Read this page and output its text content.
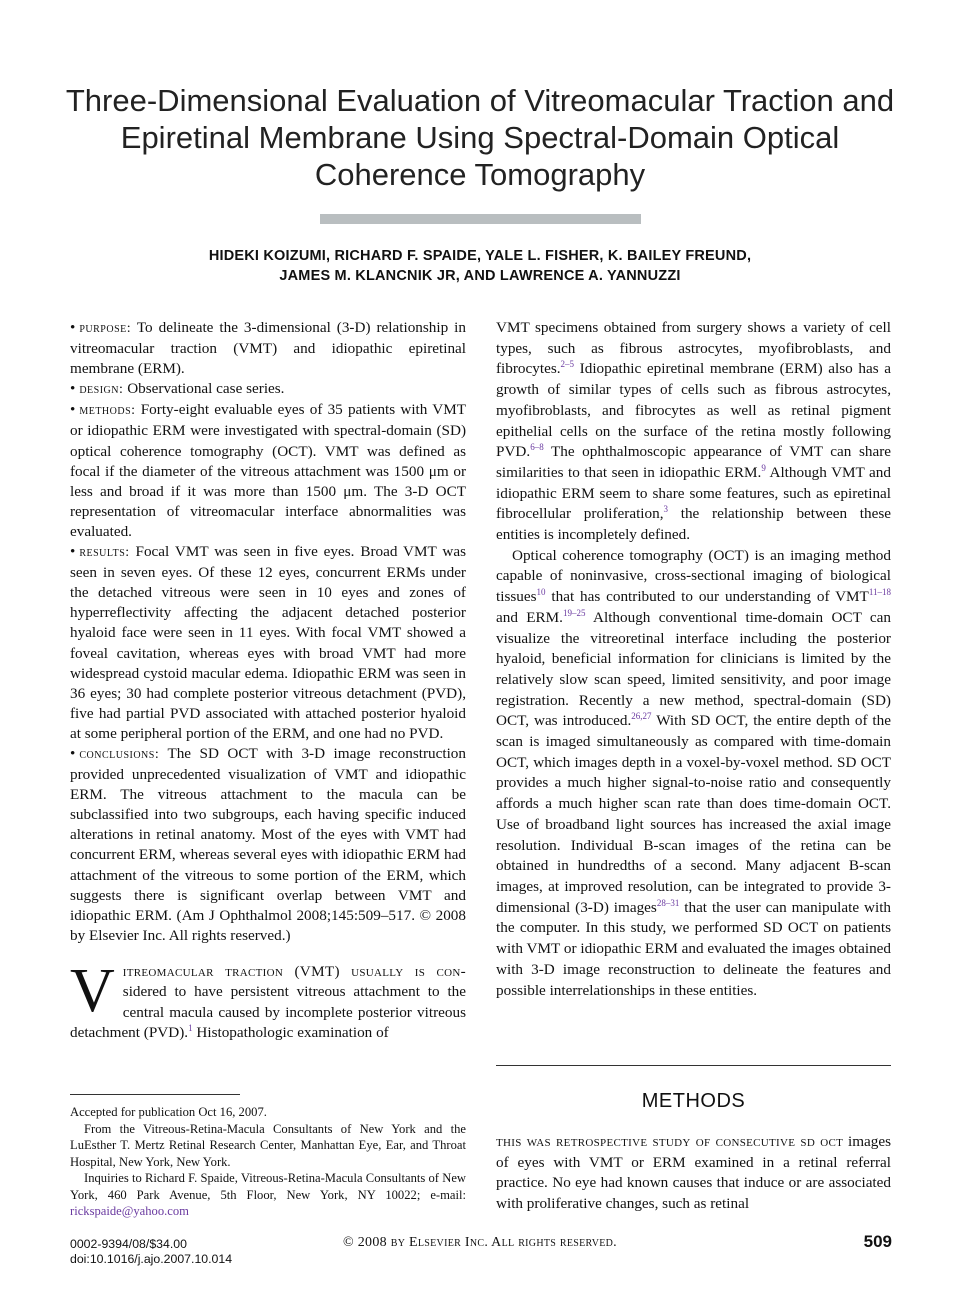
Three-Dimensional Evaluation of Vitreomacular Traction and Epiretinal Membrane Using Spectral-Domain Optical Coherence Tomography
HIDEKI KOIZUMI, RICHARD F. SPAIDE, YALE L. FISHER, K. BAILEY FREUND,
JAMES M. KLANCNIK JR, AND LAWRENCE A. YANNUZZI

• purpose: To delineate the 3-dimensional (3-D) relationship in vitreomacular traction (VMT) and idiopathic epiretinal membrane (ERM).

• design: Observational case series.

• methods: Forty-eight evaluable eyes of 35 patients with VMT or idiopathic ERM were investigated with spectral-domain (SD) optical coherence tomography (OCT). VMT was defined as focal if the diameter of the vitreous attachment was 1500 μm or less and broad if it was more than 1500 μm. The 3-D OCT representation of vitreomacular interface abnormalities was evaluated.

• results: Focal VMT was seen in five eyes. Broad VMT was seen in seven eyes. Of these 12 eyes, concurrent ERMs under the detached vitreous were seen in 10 eyes and zones of hyperreflectivity affecting the adjacent detached posterior hyaloid face were seen in 11 eyes. With focal VMT showed a foveal cavitation, whereas eyes with broad VMT had more widespread cystoid macular edema. Idiopathic ERM was seen in 36 eyes; 30 had complete posterior vitreous detachment (PVD), five had partial PVD associated with attached posterior hyaloid at some peripheral portion of the ERM, and one had no PVD.

• conclusions: The SD OCT with 3-D image reconstruction provided unprecedented visualization of VMT and idiopathic ERM. The vitreous attachment to the macula can be subclassified into two subgroups, each having specific induced alterations in retinal anatomy. Most of the eyes with VMT had concurrent ERM, whereas several eyes with idiopathic ERM had attachment of the vitreous to some portion of the ERM, which suggests there is significant overlap between VMT and idiopathic ERM. (Am J Ophthalmol 2008;145:509–517. © 2008 by Elsevier Inc. All rights reserved.)

Vitreomacular traction (VMT) usually is con- sidered to have persistent vitreous attachment to the central macula caused by incomplete posterior vitreous detachment (PVD).$^1$ Histopathologic examination of

VMT specimens obtained from surgery shows a variety of cell types, such as fibrous astrocytes, myofibroblasts, and fibrocytes.$^{2-5}$ Idiopathic epiretinal membrane (ERM) also has a growth of similar types of cells such as fibrous astrocytes, myofibroblasts, and fibrocytes as well as retinal pigment epithelial cells on the surface of the retina mostly following PVD.$^{6-8}$ The ophthalmoscopic appearance of VMT can share similarities to that seen in idiopathic ERM.$^9$ Although VMT and idiopathic ERM seem to share some features, such as epiretinal fibrocellular proliferation,$^3$ the relationship between these entities is incompletely defined.

Optical coherence tomography (OCT) is an imaging method capable of noninvasive, cross-sectional imaging of biological tissues$^{10}$ that has contributed to our understanding of VMT$^{11-18}$ and ERM.$^{19-25}$ Although conventional time-domain OCT can visualize the vitreoretinal interface including the posterior hyaloid, beneficial information for clinicians is limited by the relatively slow scan speed, limited sensitivity, and poor image registration. Recently a new method, spectral-domain (SD) OCT, was introduced.$^{26,27}$ With SD OCT, the entire depth of the scan is imaged simultaneously as compared with time-domain OCT, which images depth in a voxel-by-voxel method. SD OCT provides a much higher signal-to-noise ratio and consequently affords a much higher scan rate than does time-domain OCT. Use of broadband light sources has increased the axial image resolution. Individual B-scan images of the retina can be obtained in hundredths of a second. Many adjacent B-scan images, at improved resolution, can be integrated to provide 3-dimensional (3-D) images$^{28-31}$ that the user can manipulate with the computer. In this study, we performed SD OCT on patients with VMT or idiopathic ERM and evaluated the images obtained with 3-D image reconstruction to delineate the features and possible interrelationships in these entities.

METHODS
this was retrospective study of consecutive sd oct images of eyes with VMT or ERM examined in a retinal referral practice. No eye had known causes that induce or are associated with proliferative changes, such as retinal

Accepted for publication Oct 16, 2007.

From the Vitreous-Retina-Macula Consultants of New York and the LuEsther T. Mertz Retinal Research Center, Manhattan Eye, Ear, and Throat Hospital, New York, New York.

Inquiries to Richard F. Spaide, Vitreous-Retina-Macula Consultants of New York, 460 Park Avenue, 5th Floor, New York, NY 10022; e-mail: rickspaide@yahoo.com

0002-9394/08/$34.00
doi:10.1016/j.ajo.2007.10.014
© 2008 by Elsevier Inc. All rights reserved.	509
